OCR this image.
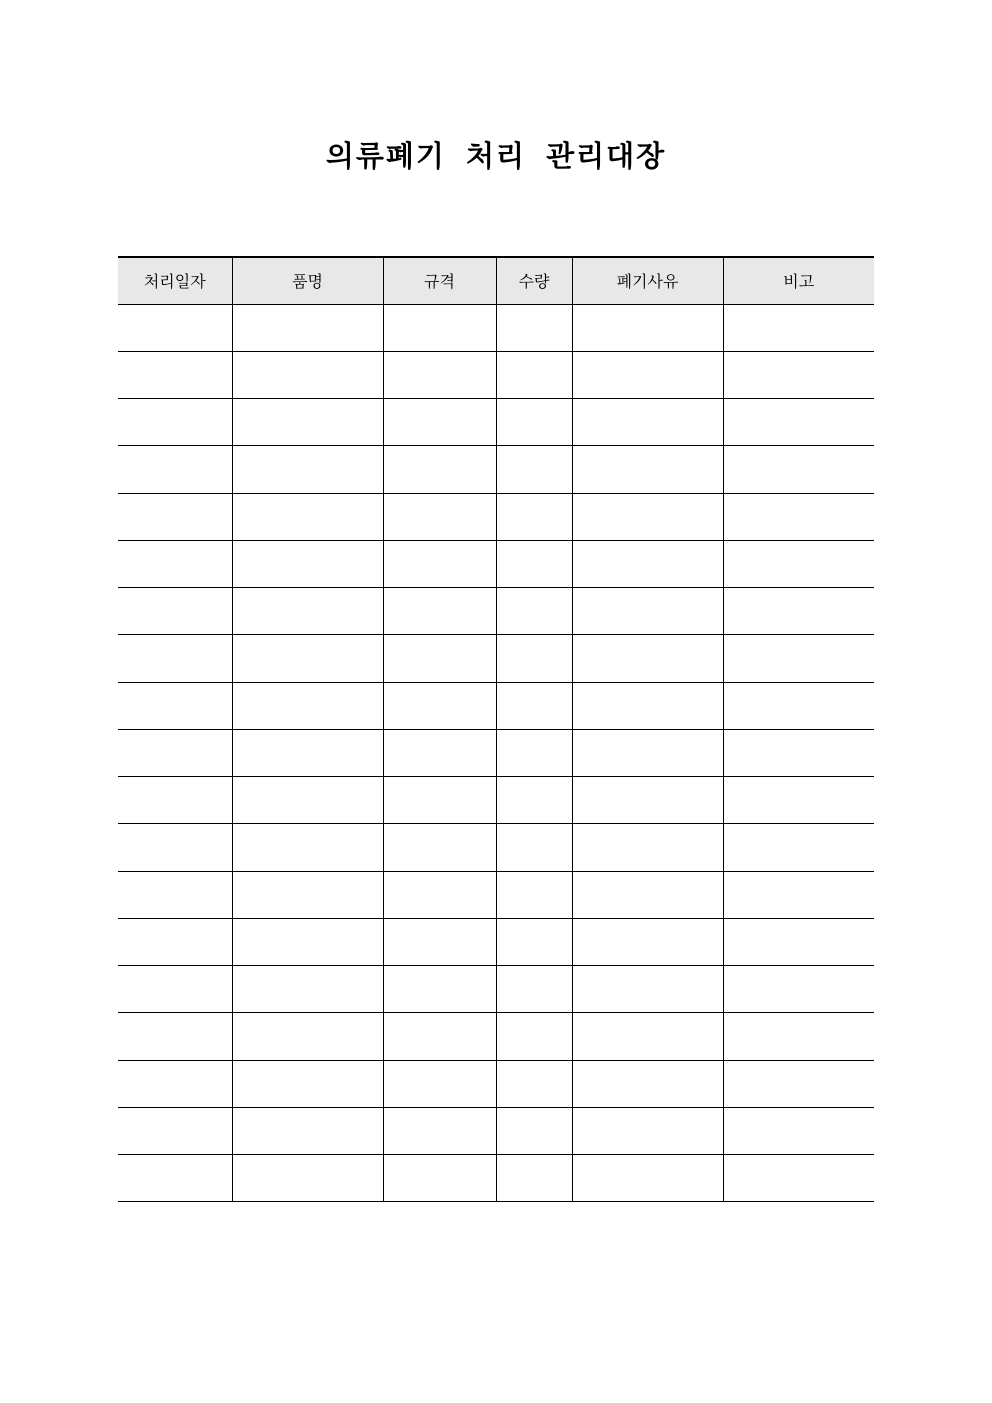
의류폐기 처리 관리대장
처리일자	품명	규격	수량	폐기사유	비고
